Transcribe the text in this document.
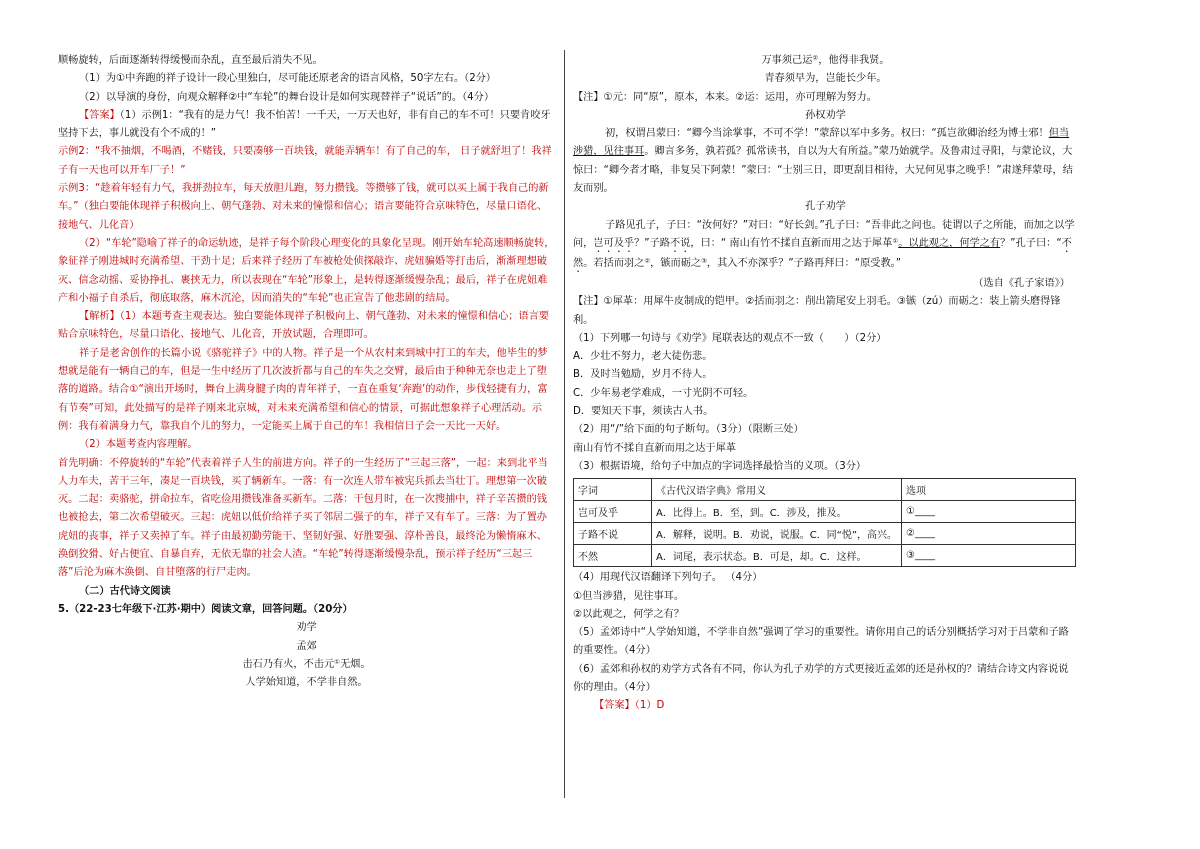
顺畅旋转，后面逐渐转得缓慢而杂乱，直至最后消失不见。

（1）为①中奔跑的祥子设计一段心里独白，尽可能还原老舍的语言风格，50字左右。（2分）

（2）以导演的身份，向观众解释②中“车轮”的舞台设计是如何实现替祥子“说话”的。（4分）

【答案】（1）示例1：“我有的是力气！我不怕苦！一千天，一万天也好，非有自己的车不可！只要肯咬牙坚持下去，事儿就没有个不成的！”

示例2：“我不抽烟，不喝酒，不赌钱，只要凑够一百块钱，就能弄辆车！有了自己的车， 日子就舒坦了！我祥子有一天也可以开车厂子！”

示例3：“趁着年轻有力气，我拼劲拉车，每天放胆儿跑，努力攒钱。等攒够了钱，就可以买上属于我自己的新车。”（独白要能体现祥子积极向上、朝气蓬勃、对未来的憧憬和信心；语言要能符合京味特色，尽量口语化、接地气、儿化音）

（2）“车轮”隐喻了祥子的命运轨迹，是祥子每个阶段心理变化的具象化呈现。刚开始车轮高速顺畅旋转，象征祥子刚进城时充满希望、干劲十足；后来祥子经历了车被枪处侦探敲诈、虎妞骗婚等打击后，渐渐理想破灭、信念动摇、妥协挣扎、裹挟无力，所以表现在“车轮”形象上，是转得逐渐缓慢杂乱；最后，祥子在虎妞难产和小福子自杀后，彻底取落，麻木沉沦，因而消失的“车轮”也正宣告了他悲剧的结局。

【解析】（1）本题考查主观表达。独白要能体现祥子积极向上、朝气蓬勃、对未来的憧憬和信心；语言要贴合京味特色，尽量口语化、接地气、儿化音，开放试题，合理即可。

祥子是老舍创作的长篇小说《骆驼祥子》中的人物。祥子是一个从农村来到城中打工的车夫，他毕生的梦想就是能有一辆自己的车，但是一生中经历了几次波折都与自己的车失之交臂，最后由于种种无奈也走上了堕落的道路。结合①“演出开场时，舞台上满身腱子肉的青年祥子，一直在重复‘奔跑’的动作，步伐轻捷有力，富有节奏”可知，此处描写的是祥子刚来北京城，对未来充满希望和信心的情景，可据此想象祥子心理活动。示例：我有着满身力气，靠我自个儿的努力，一定能买上属于自己的车！我相信日子会一天比一天好。

（2）本题考查内容理解。

首先明确：不停旋转的“车轮”代表着祥子人生的前进方向。祥子的一生经历了“三起三落”，一起：来到北平当人力车夫，苦干三年，凑足一百块钱，买了辆新车。一落：有一次连人带车被宪兵抓去当壮丁。理想第一次破灭。二起：卖骆驼，拼命拉车，省吃俭用攒钱准备买新车。二落：干包月时，在一次搜捕中，祥子辛苦攒的钱也被抢去，第二次希望破灭。三起：虎妞以低价给祥子买了邻居二强子的车，祥子又有车了。三落：为了置办虎妞的丧事，祥子又卖掉了车。祥子由最初勤劳能干、坚韧好强、好胜要强、淳朴善良，最终沦为懒惰麻木、涣倒狡猾、好占便宜、自暴自弃，无依无靠的社会人渣。“车轮”转得逐渐缓慢杂乱，预示祥子经历“三起三落”后沦为麻木涣倒、自甘堕落的行尸走肉。

（二）古代诗文阅读

5.（22-23七年级下·江苏·期中）阅读文章，回答问题。（20分）

劝学

孟郊

击石乃有火，不击元①无烟。

人学始知道，不学非自然。

万事须己运②，他得非我贤。

青春须早为，岂能长少年。

【注】①元：同“原”，原本，本来。②运：运用，亦可理解为努力。

孙权劝学

初，权谓吕蒙曰：“卿今当涂掌事，不可不学！”蒙辞以军中多务。权曰：“孤岂欲卿治经为博士邪！但当涉猎，见往事耳。卿言多务，孰若孤？孤常读书，自以为大有所益。”蒙乃始就学。及鲁肃过寻阳，与蒙论议，大惊曰：“卿今者才略，非复吴下阿蒙！”蒙曰：“士别三日，即更刮目相待，大兄何见事之晚乎！”肃遂拜蒙母，结友而别。

孔子劝学

子路见孔子，子曰：“汝何好？”对曰：“好长剑。”孔子曰：“吾非此之问也。徒谓以子之所能，而加之以学问，岂可及乎？”子路不说，曰：“ 南山有竹不揉自直新而用之达于犀革①。以此观之，何学之有？”孔子曰：“不然。若括而羽之②，镞而砺之③，其入不亦深乎？”子路再拜曰：“原受教。”

（选自《孔子家语》）

【注】①犀革：用犀牛皮制成的铠甲。②括而羽之：削出箭尾安上羽毛。③镞（zú）而砺之：装上箭头磨得锋利。

（1）下列哪一句诗与《劝学》尾联表达的观点不一致（　　）（2分）

A．少壮不努力，老大徒伤悲。

B．及时当勉励，岁月不待人。

C．少年易老学难成，一寸光阴不可轻。

D．要知天下事，须读古人书。

（2）用“/”给下面的句子断句。（3分）（限断三处）

南山有竹不揉自直新而用之达于犀革

（3）根据语境，给句子中加点的字词选择最恰当的义项。（3分）

字词	《古代汉语字典》常用义	选项
岂可及乎	A．比得上。B．至，到。C．涉及，推及。	①____
子路不说	A．解释，说明。B．劝说，说服。C．同“悦”，高兴。	②____
不然	A．词尾，表示状态。B．可是，却。C．这样。	③____

（4）用现代汉语翻译下列句子。 （4分）

①但当涉猎，见往事耳。

②以此观之，何学之有？

（5）孟郊诗中“人学始知道，不学非自然”强调了学习的重要性。请你用自己的话分别概括学习对于吕蒙和子路的重要性。（4分）

（6）孟郊和孙权的劝学方式各有不同，你认为孔子劝学的方式更接近孟郊的还是孙权的？请结合诗文内容说说你的理由。（4分）

【答案】（1）D
